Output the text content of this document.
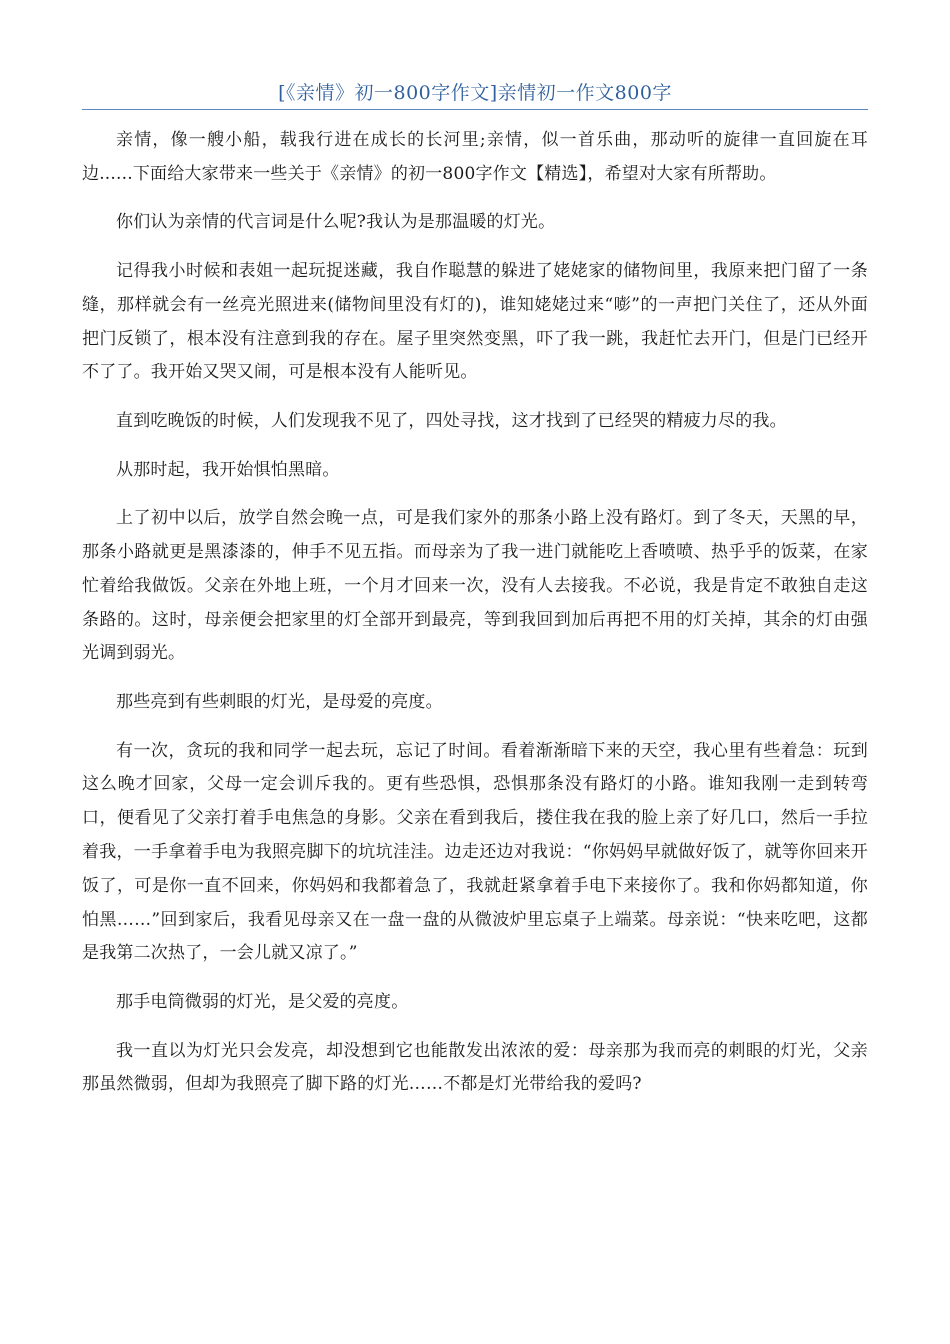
[《亲情》初一800字作文]亲情初一作文800字

亲情，像一艘小船，载我行进在成长的长河里;亲情，似一首乐曲，那动听的旋律一直回旋在耳边......下面给大家带来一些关于《亲情》的初一800字作文【精选】，希望对大家有所帮助。

你们认为亲情的代言词是什么呢?我认为是那温暖的灯光。

记得我小时候和表姐一起玩捉迷藏，我自作聪慧的躲进了姥姥家的储物间里，我原来把门留了一条缝，那样就会有一丝亮光照进来(储物间里没有灯的)，谁知姥姥过来“嘭”的一声把门关住了，还从外面把门反锁了，根本没有注意到我的存在。屋子里突然变黑，吓了我一跳，我赶忙去开门，但是门已经开不了了。我开始又哭又闹，可是根本没有人能听见。

直到吃晚饭的时候，人们发现我不见了，四处寻找，这才找到了已经哭的精疲力尽的我。

从那时起，我开始惧怕黑暗。

上了初中以后，放学自然会晚一点，可是我们家外的那条小路上没有路灯。到了冬天，天黑的早，那条小路就更是黑漆漆的，伸手不见五指。而母亲为了我一进门就能吃上香喷喷、热乎乎的饭菜，在家忙着给我做饭。父亲在外地上班，一个月才回来一次，没有人去接我。不必说，我是肯定不敢独自走这条路的。这时，母亲便会把家里的灯全部开到最亮，等到我回到加后再把不用的灯关掉，其余的灯由强光调到弱光。

那些亮到有些刺眼的灯光，是母爱的亮度。

有一次，贪玩的我和同学一起去玩，忘记了时间。看着渐渐暗下来的天空，我心里有些着急：玩到这么晚才回家，父母一定会训斥我的。更有些恐惧，恐惧那条没有路灯的小路。谁知我刚一走到转弯口，便看见了父亲打着手电焦急的身影。父亲在看到我后，搂住我在我的脸上亲了好几口，然后一手拉着我，一手拿着手电为我照亮脚下的坑坑洼洼。边走还边对我说：“你妈妈早就做好饭了，就等你回来开饭了，可是你一直不回来，你妈妈和我都着急了，我就赶紧拿着手电下来接你了。我和你妈都知道，你怕黑……”回到家后，我看见母亲又在一盘一盘的从微波炉里忘桌子上端菜。母亲说：“快来吃吧，这都是我第二次热了，一会儿就又凉了。”

那手电筒微弱的灯光，是父爱的亮度。

我一直以为灯光只会发亮，却没想到它也能散发出浓浓的爱：母亲那为我而亮的刺眼的灯光，父亲那虽然微弱，但却为我照亮了脚下路的灯光……不都是灯光带给我的爱吗?
